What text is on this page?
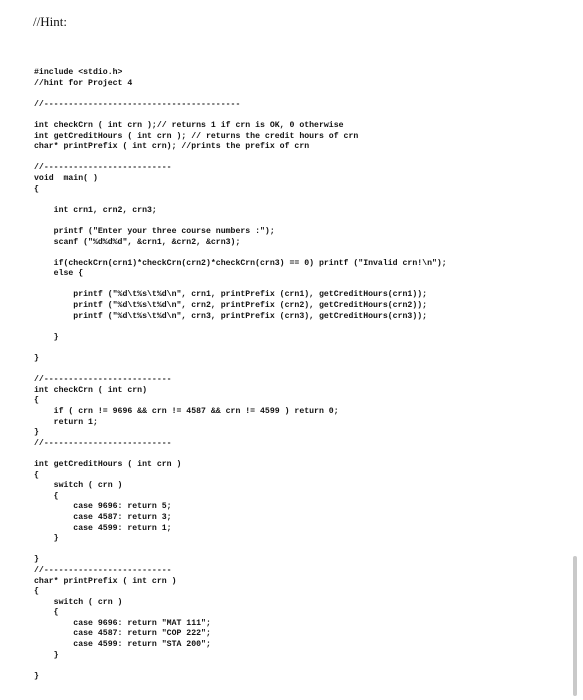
//Hint:

#include <stdio.h>
//hint for Project 4

//----------------------------------------

int checkCrn ( int crn );// returns 1 if crn is OK, 0 otherwise
int getCreditHours ( int crn ); // returns the credit hours of crn
char* printPrefix ( int crn); //prints the prefix of crn

//--------------------------
void  main( )
{

int crn1, crn2, crn3;

printf ("Enter your three course numbers :");
scanf ("%d%d%d", &crn1, &crn2, &crn3);

if(checkCrn(crn1)*checkCrn(crn2)*checkCrn(crn3) == 0) printf ("Invalid crn!\n");
else {

printf ("%d\t%s\t%d\n", crn1, printPrefix (crn1), getCreditHours(crn1));
printf ("%d\t%s\t%d\n", crn2, printPrefix (crn2), getCreditHours(crn2));
printf ("%d\t%s\t%d\n", crn3, printPrefix (crn3), getCreditHours(crn3));

}

}

//--------------------------
int checkCrn ( int crn)
{
if ( crn != 9696 && crn != 4587 && crn != 4599 ) return 0;
return 1;
}
//--------------------------

int getCreditHours ( int crn )
{
switch ( crn )
{
case 9696: return 5;
case 4587: return 3;
case 4599: return 1;
}

}
//--------------------------
char* printPrefix ( int crn )
{
switch ( crn )
{
case 9696: return "MAT 111";
case 4587: return "COP 222";
case 4599: return "STA 200";
}

}
